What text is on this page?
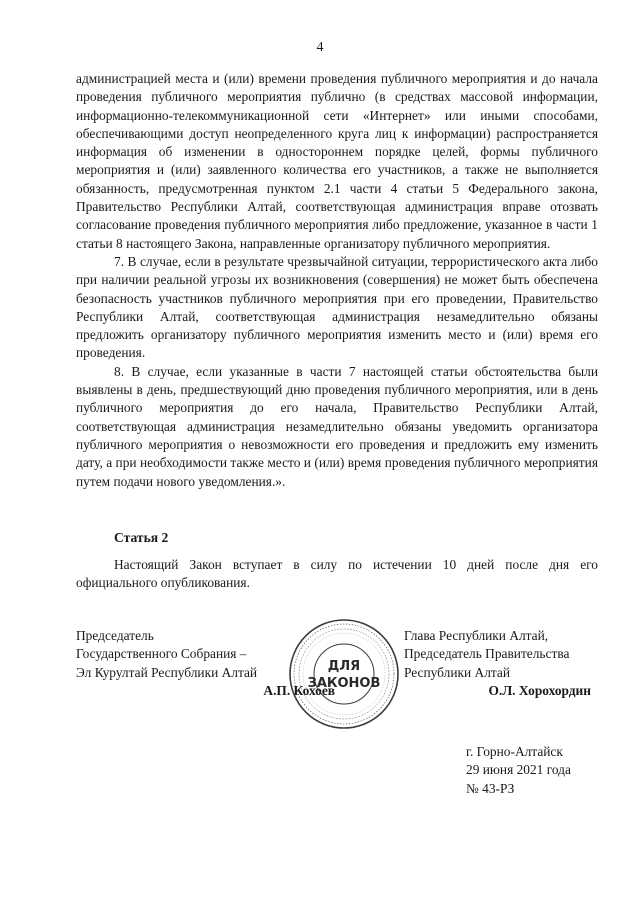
4

администрацией места и (или) времени проведения публичного мероприятия и до начала проведения публичного мероприятия публично (в средствах массовой информации, информационно-телекоммуникационной сети «Интернет» или иными способами, обеспечивающими доступ неопределенного круга лиц к информации) распространяется информация об изменении в одностороннем порядке целей, формы публичного мероприятия и (или) заявленного количества его участников, а также не выполняется обязанность, предусмотренная пунктом 2.1 части 4 статьи 5 Федерального закона, Правительство Республики Алтай, соответствующая администрация вправе отозвать согласование проведения публичного мероприятия либо предложение, указанное в части 1 статьи 8 настоящего Закона, направленные организатору публичного мероприятия.

7. В случае, если в результате чрезвычайной ситуации, террористического акта либо при наличии реальной угрозы их возникновения (совершения) не может быть обеспечена безопасность участников публичного мероприятия при его проведении, Правительство Республики Алтай, соответствующая администрация незамедлительно обязаны предложить организатору публичного мероприятия изменить место и (или) время его проведения.

8. В случае, если указанные в части 7 настоящей статьи обстоятельства были выявлены в день, предшествующий дню проведения публичного мероприятия, или в день публичного мероприятия до его начала, Правительство Республики Алтай, соответствующая администрация незамедлительно обязаны уведомить организатора публичного мероприятия о невозможности его проведения и предложить ему изменить дату, а при необходимости также место и (или) время проведения публичного мероприятия путем подачи нового уведомления.».

Статья 2

Настоящий Закон вступает в силу по истечении 10 дней после дня его официального опубликования.

Председатель
Государственного Собрания –
Эл Курултай Республики Алтай
А.П. Кохоев
Глава Республики Алтай,
Председатель Правительства
Республики Алтай
О.Л. Хорохордин
ДЛЯ
ЗАКОНОВ
г. Горно-Алтайск
29 июня 2021 года
№ 43-РЗ
